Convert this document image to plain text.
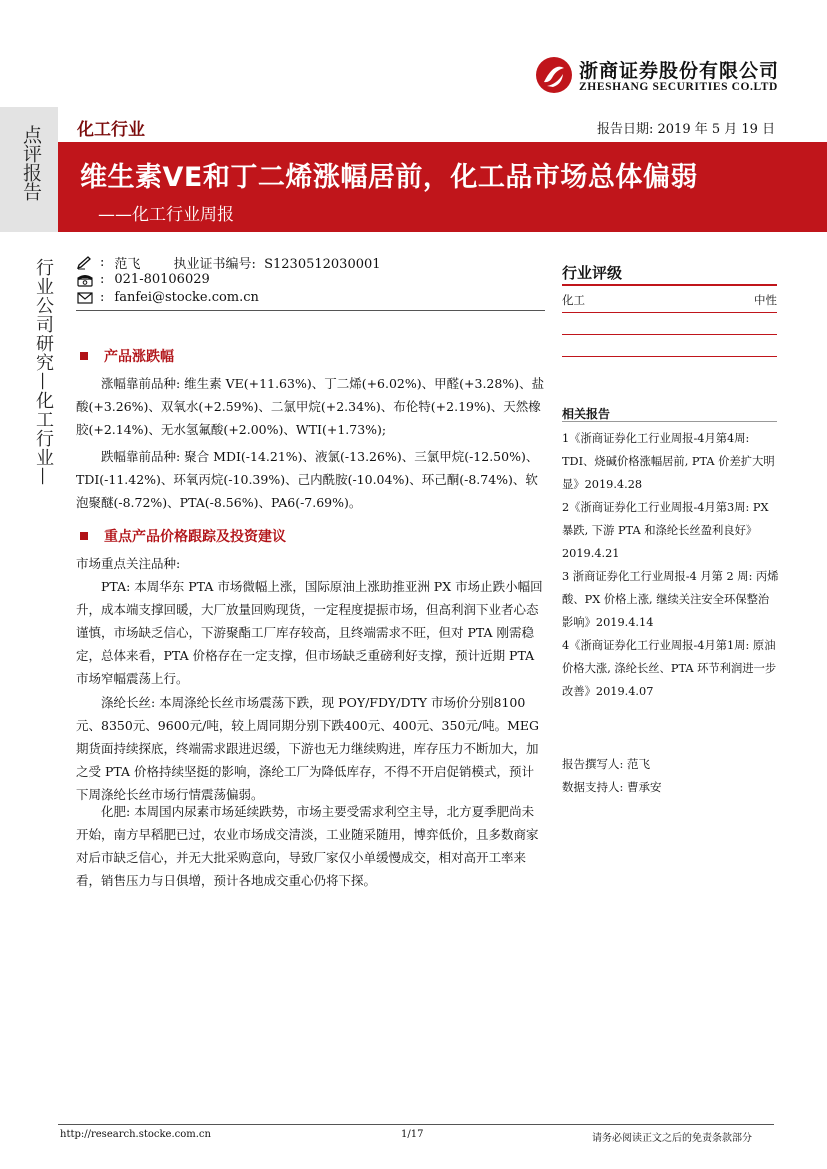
浙商证券股份有限公司
ZHESHANG SECURITIES CO.LTD
点评报告
行业公司研究—化工行业—
化工行业	报告日期: 2019 年 5 月 19 日
维生素VE和丁二烯涨幅居前，化工品市场总体偏弱
——化工行业周报
: 范飞        执业证书编号:  S1230512030001
: 021-80106029
: fanfei@stocke.com.cn
产品涨跌幅
涨幅靠前品种: 维生素 VE(+11.63%)、丁二烯(+6.02%)、甲醛(+3.28%)、盐酸(+3.26%)、双氧水(+2.59%)、二氯甲烷(+2.34%)、布伦特(+2.19%)、天然橡胶(+2.14%)、无水氢氟酸(+2.00%)、WTI(+1.73%);
跌幅靠前品种: 聚合 MDI(-14.21%)、液氯(-13.26%)、三氯甲烷(-12.50%)、TDI(-11.42%)、环氧丙烷(-10.39%)、己内酰胺(-10.04%)、环己酮(-8.74%)、软泡聚醚(-8.72%)、PTA(-8.56%)、PA6(-7.69%)。
重点产品价格跟踪及投资建议
市场重点关注品种:
PTA: 本周华东 PTA 市场微幅上涨，国际原油上涨助推亚洲 PX 市场止跌小幅回升，成本端支撑回暖，大厂放量回购现货，一定程度提振市场，但高利润下业者心态谨慎，市场缺乏信心，下游聚酯工厂库存较高，且终端需求不旺，但对 PTA 刚需稳定，总体来看，PTA 价格存在一定支撑，但市场缺乏重磅利好支撑，预计近期 PTA 市场窄幅震荡上行。
涤纶长丝: 本周涤纶长丝市场震荡下跌，现 POY/FDY/DTY 市场价分别8100元、8350元、9600元/吨，较上周同期分别下跌400元、400元、350元/吨。MEG 期货面持续探底，终端需求跟进迟缓，下游也无力继续购进，库存压力不断加大，加之受 PTA 价格持续坚挺的影响，涤纶工厂为降低库存，不得不开启促销模式，预计下周涤纶长丝市场行情震荡偏弱。
化肥: 本周国内尿素市场延续跌势，市场主要受需求利空主导，北方夏季肥尚未开始，南方早稻肥已过，农业市场成交清淡，工业随采随用，博弈低价，且多数商家对后市缺乏信心，并无大批采购意向，导致厂家仅小单缓慢成交，相对高开工率来看，销售压力与日俱增，预计各地成交重心仍将下探。
行业评级
化工	中性
相关报告
1《浙商证券化工行业周报-4月第4周: TDI、烧碱价格涨幅居前, PTA 价差扩大明显》2019.4.28
2《浙商证券化工行业周报-4月第3周: PX 暴跌, 下游 PTA 和涤纶长丝盈利良好》2019.4.21
3 浙商证券化工行业周报-4 月第 2 周: 丙烯酸、PX 价格上涨, 继续关注安全环保整治影响》2019.4.14
4《浙商证券化工行业周报-4月第1周: 原油价格大涨, 涤纶长丝、PTA 环节利润进一步改善》2019.4.07
报告撰写人: 范飞
数据支持人: 曹承安
http://research.stocke.com.cn	1/17	请务必阅读正文之后的免责条款部分
